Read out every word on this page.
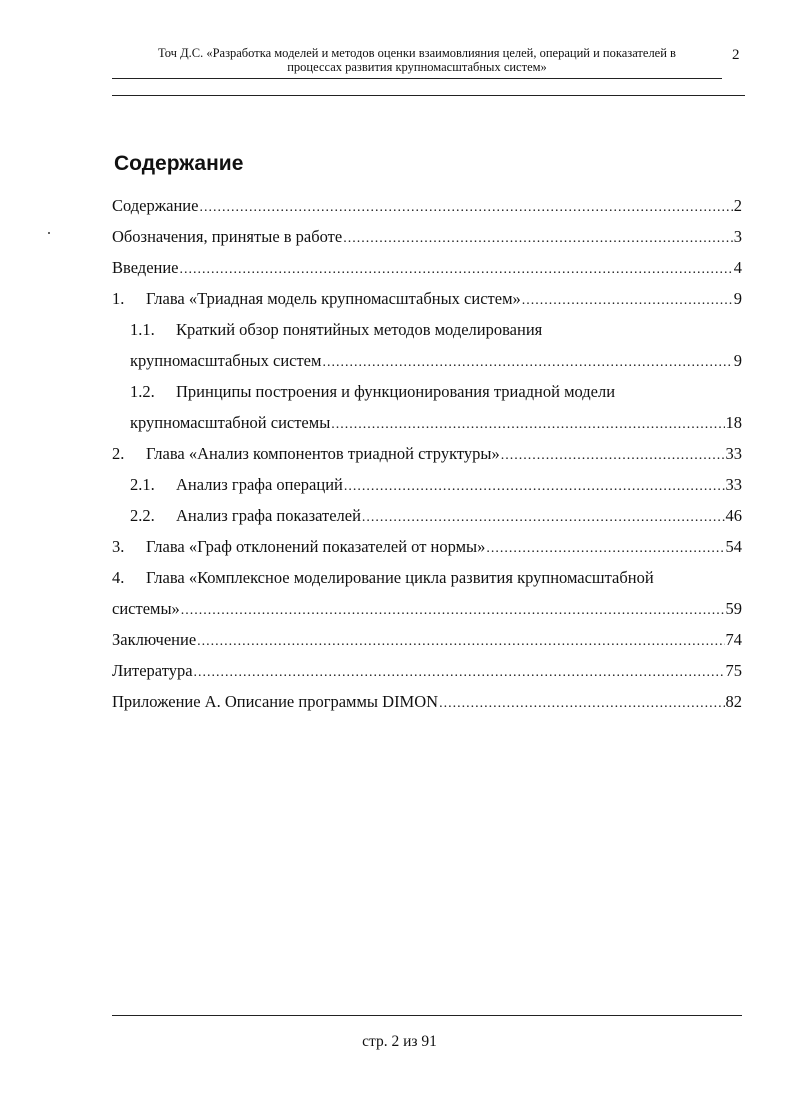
Точ Д.С. «Разработка моделей и методов оценки взаимовлияния целей, операций и показателей в
процессах развития крупномасштабных систем»
2
Содержание
Содержание .....	2
Обозначения, принятые в работе .....	3
Введение .....	4
1.	Глава «Триадная модель крупномасштабных систем» .....	9
1.1.	Краткий обзор понятийных методов моделирования
крупномасштабных систем .....	9
1.2.	Принципы построения и функционирования триадной модели
крупномасштабной системы .....	18
2.	Глава «Анализ компонентов триадной структуры» .....	33
2.1.	Анализ графа операций .....	33
2.2.	Анализ графа показателей .....	46
3.	Глава «Граф отклонений показателей от нормы» .....	54
4.	Глава «Комплексное моделирование цикла развития крупномасштабной
системы» .....	59
Заключение .....	74
Литература .....	75
Приложение А. Описание программы DIMON .....	82
стр. 2 из 91
